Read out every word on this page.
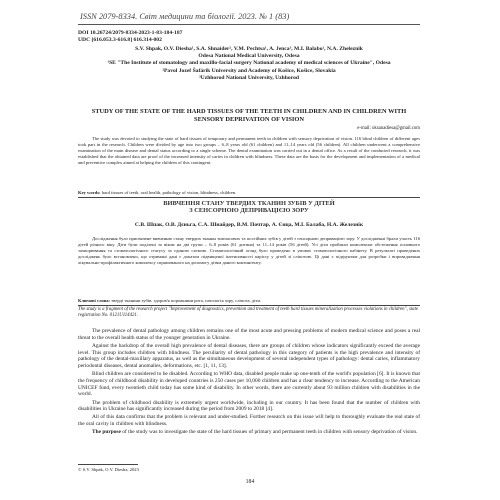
ISSN 2079-8334. Світ медицини та біології. 2023. № 1 (83)
DOI 10.26724/2079-8334-2023-1-83-184-187
UDC [616.053.3-616.8] 616.314-002
S.V. Shpak, O.V. Diesha¹, S.A. Shnaider², V.M. Pechtsa¹, A. Jenca³, M.I. Balabo¹, N.A. Zheleznik
Odesa National Medical University, Odesa
¹SE "The Institute of stomatology and maxillo-facial surgery National academy of medical sciences of Ukraine", Odesa
²Pavol Jozef Šafárik University and Academy of Košice, Košice, Slovakia
³Uzhhorod National University, Uzhhorod
STUDY OF THE STATE OF THE HARD TISSUES OF THE TEETH IN CHILDREN AND IN CHILDREN WITH SENSORY DEPRIVATION OF VISION
e-mail: oksanadiesa@gmail.com

The study was devoted to studying the state of hard tissues of temporary and permanent teeth in children with sensory deprivation of vision. 116 blind children of different ages took part in the research. Children were divided by age into two groups – 6–8 years old (61 children) and 11–14 years old (56 children). All children underwent a comprehensive examination of the main disease and dental status according to a single scheme. The dental examination was carried out in a dental office. As a result of the conducted research, it was established that the obtained data are proof of the increased intensity of caries in children with blindness. These data are the basis for the development and implementation of a medical and preventive complex aimed at helping the children of this contingent.

Key words: hard tissues of teeth, oral health, pathology of vision, blindness, children.
ВИВЧЕННЯ СТАНУ ТВЕРДИХ ТКАНИН ЗУБІВ У ДІТЕЙ
З СЕНСОРНОЮ ДЕПРИВАЦІЄЮ ЗОРУ
С.В. Шпак, О.В. Дєньга, С.А. Шнайдер, В.М. Почтар, А. Єнца, М.І. Балаба, Н.А. Железнік

Дослідження було присвячене вивченню стану твердих тканин тимчасових та постійних зубів у дітей з сенсорною депривацією зору. У дослідженні брали участь 116 дітей різного віку. Діти були поділені за віком на дві групи – 6–8 років (61 дитина) та 11–14 років (56 дітей). Усі діти пройшли комплексне обстеження основного захворювання та стоматологічного статусу за єдиною схемою. Стоматологічний огляд було проведено в умовах стоматологічного кабінету. В результаті проведених досліджень було встановлено, що отримані дані є доказом підвищеної інтенсивності карієсу у дітей зі сліпотою. Ці дані є підґрунтям для розробки і впровадження лікувально-профілактичного комплексу спрямованого на допомогу дітям даного контингенту.

Ключові слова: тверді тканини зубів, здоров'я порожнини рота, патологія зору, сліпота, діти.
The study is a fragment of the research project "Improvement of diagnostics, prevention and treatment of teeth hard tissues mineralization processes violations in children", state registration No. 0121U114421.

The prevalence of dental pathology among children remains one of the most acute and pressing problems of modern medical science and poses a real threat to the overall health status of the younger generation in Ukraine.

Against the backdrop of the overall high prevalence of dental diseases, there are groups of children whose indicators significantly exceed the average level. This group includes children with blindness. The peculiarity of dental pathology in this category of patients is the high prevalence and intensity of pathology of the dental-maxillary apparatus, as well as the simultaneous development of several independent types of pathology: dental caries, inflammatory periodontal diseases, dental anomalies, deformations, etc. [1, 11, 13].

Blind children are considered to be disabled. According to WHO data, disabled people make up one-tenth of the world's population [6]. It is known that the frequency of childhood disability in developed countries is 250 cases per 10,000 children and has a clear tendency to increase. According to the American UNICEF fund, every twentieth child today has some kind of disability. In other words, there are currently about 93 million children with disabilities in the world.

The problem of childhood disability is extremely urgent worldwide, including in our country. It has been found that the number of children with disabilities in Ukraine has significantly increased during the period from 2009 to 2018 [4].

All of this data confirms that the problem is relevant and under-studied. Further research on this issue will help to thoroughly evaluate the real state of the oral cavity in children with blindness.

The purpose of the study was to investigate the state of the hard tissues of primary and permanent teeth in children with sensory deprivation of vision.

© S.V. Shpak, O.V. Diesha, 2023
184
